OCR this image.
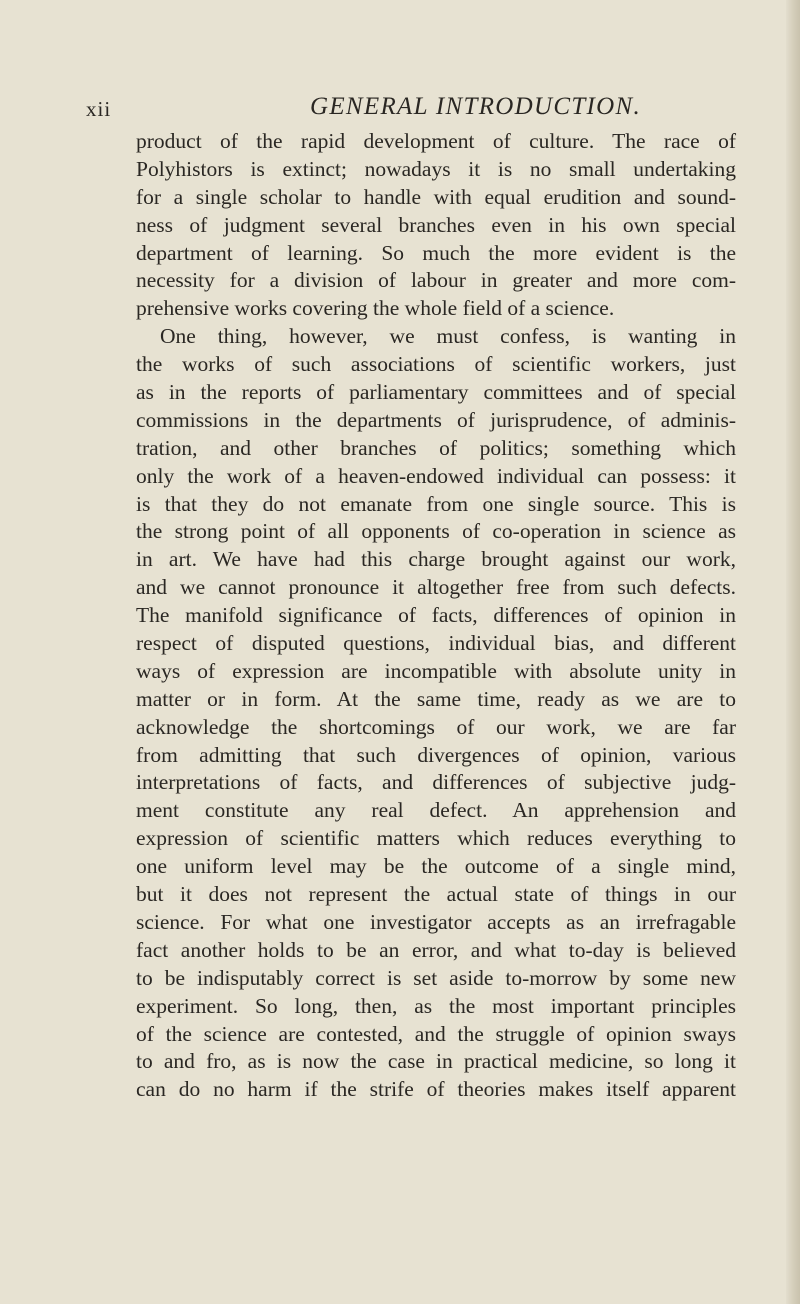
xii	GENERAL INTRODUCTION.
product of the rapid development of culture. The race of
Polyhistors is extinct; nowadays it is no small undertaking
for a single scholar to handle with equal erudition and sound-
ness of judgment several branches even in his own special
department of learning. So much the more evident is the
necessity for a division of labour in greater and more com-
prehensive works covering the whole field of a science.
One thing, however, we must confess, is wanting in
the works of such associations of scientific workers, just
as in the reports of parliamentary committees and of special
commissions in the departments of jurisprudence, of adminis-
tration, and other branches of politics; something which
only the work of a heaven-endowed individual can possess: it
is that they do not emanate from one single source. This is
the strong point of all opponents of co-operation in science as
in art. We have had this charge brought against our work,
and we cannot pronounce it altogether free from such defects.
The manifold significance of facts, differences of opinion in
respect of disputed questions, individual bias, and different
ways of expression are incompatible with absolute unity in
matter or in form. At the same time, ready as we are to
acknowledge the shortcomings of our work, we are far
from admitting that such divergences of opinion, various
interpretations of facts, and differences of subjective judg-
ment constitute any real defect. An apprehension and
expression of scientific matters which reduces everything to
one uniform level may be the outcome of a single mind,
but it does not represent the actual state of things in our
science. For what one investigator accepts as an irrefragable
fact another holds to be an error, and what to-day is believed
to be indisputably correct is set aside to-morrow by some new
experiment. So long, then, as the most important principles
of the science are contested, and the struggle of opinion sways
to and fro, as is now the case in practical medicine, so long it
can do no harm if the strife of theories makes itself apparent
